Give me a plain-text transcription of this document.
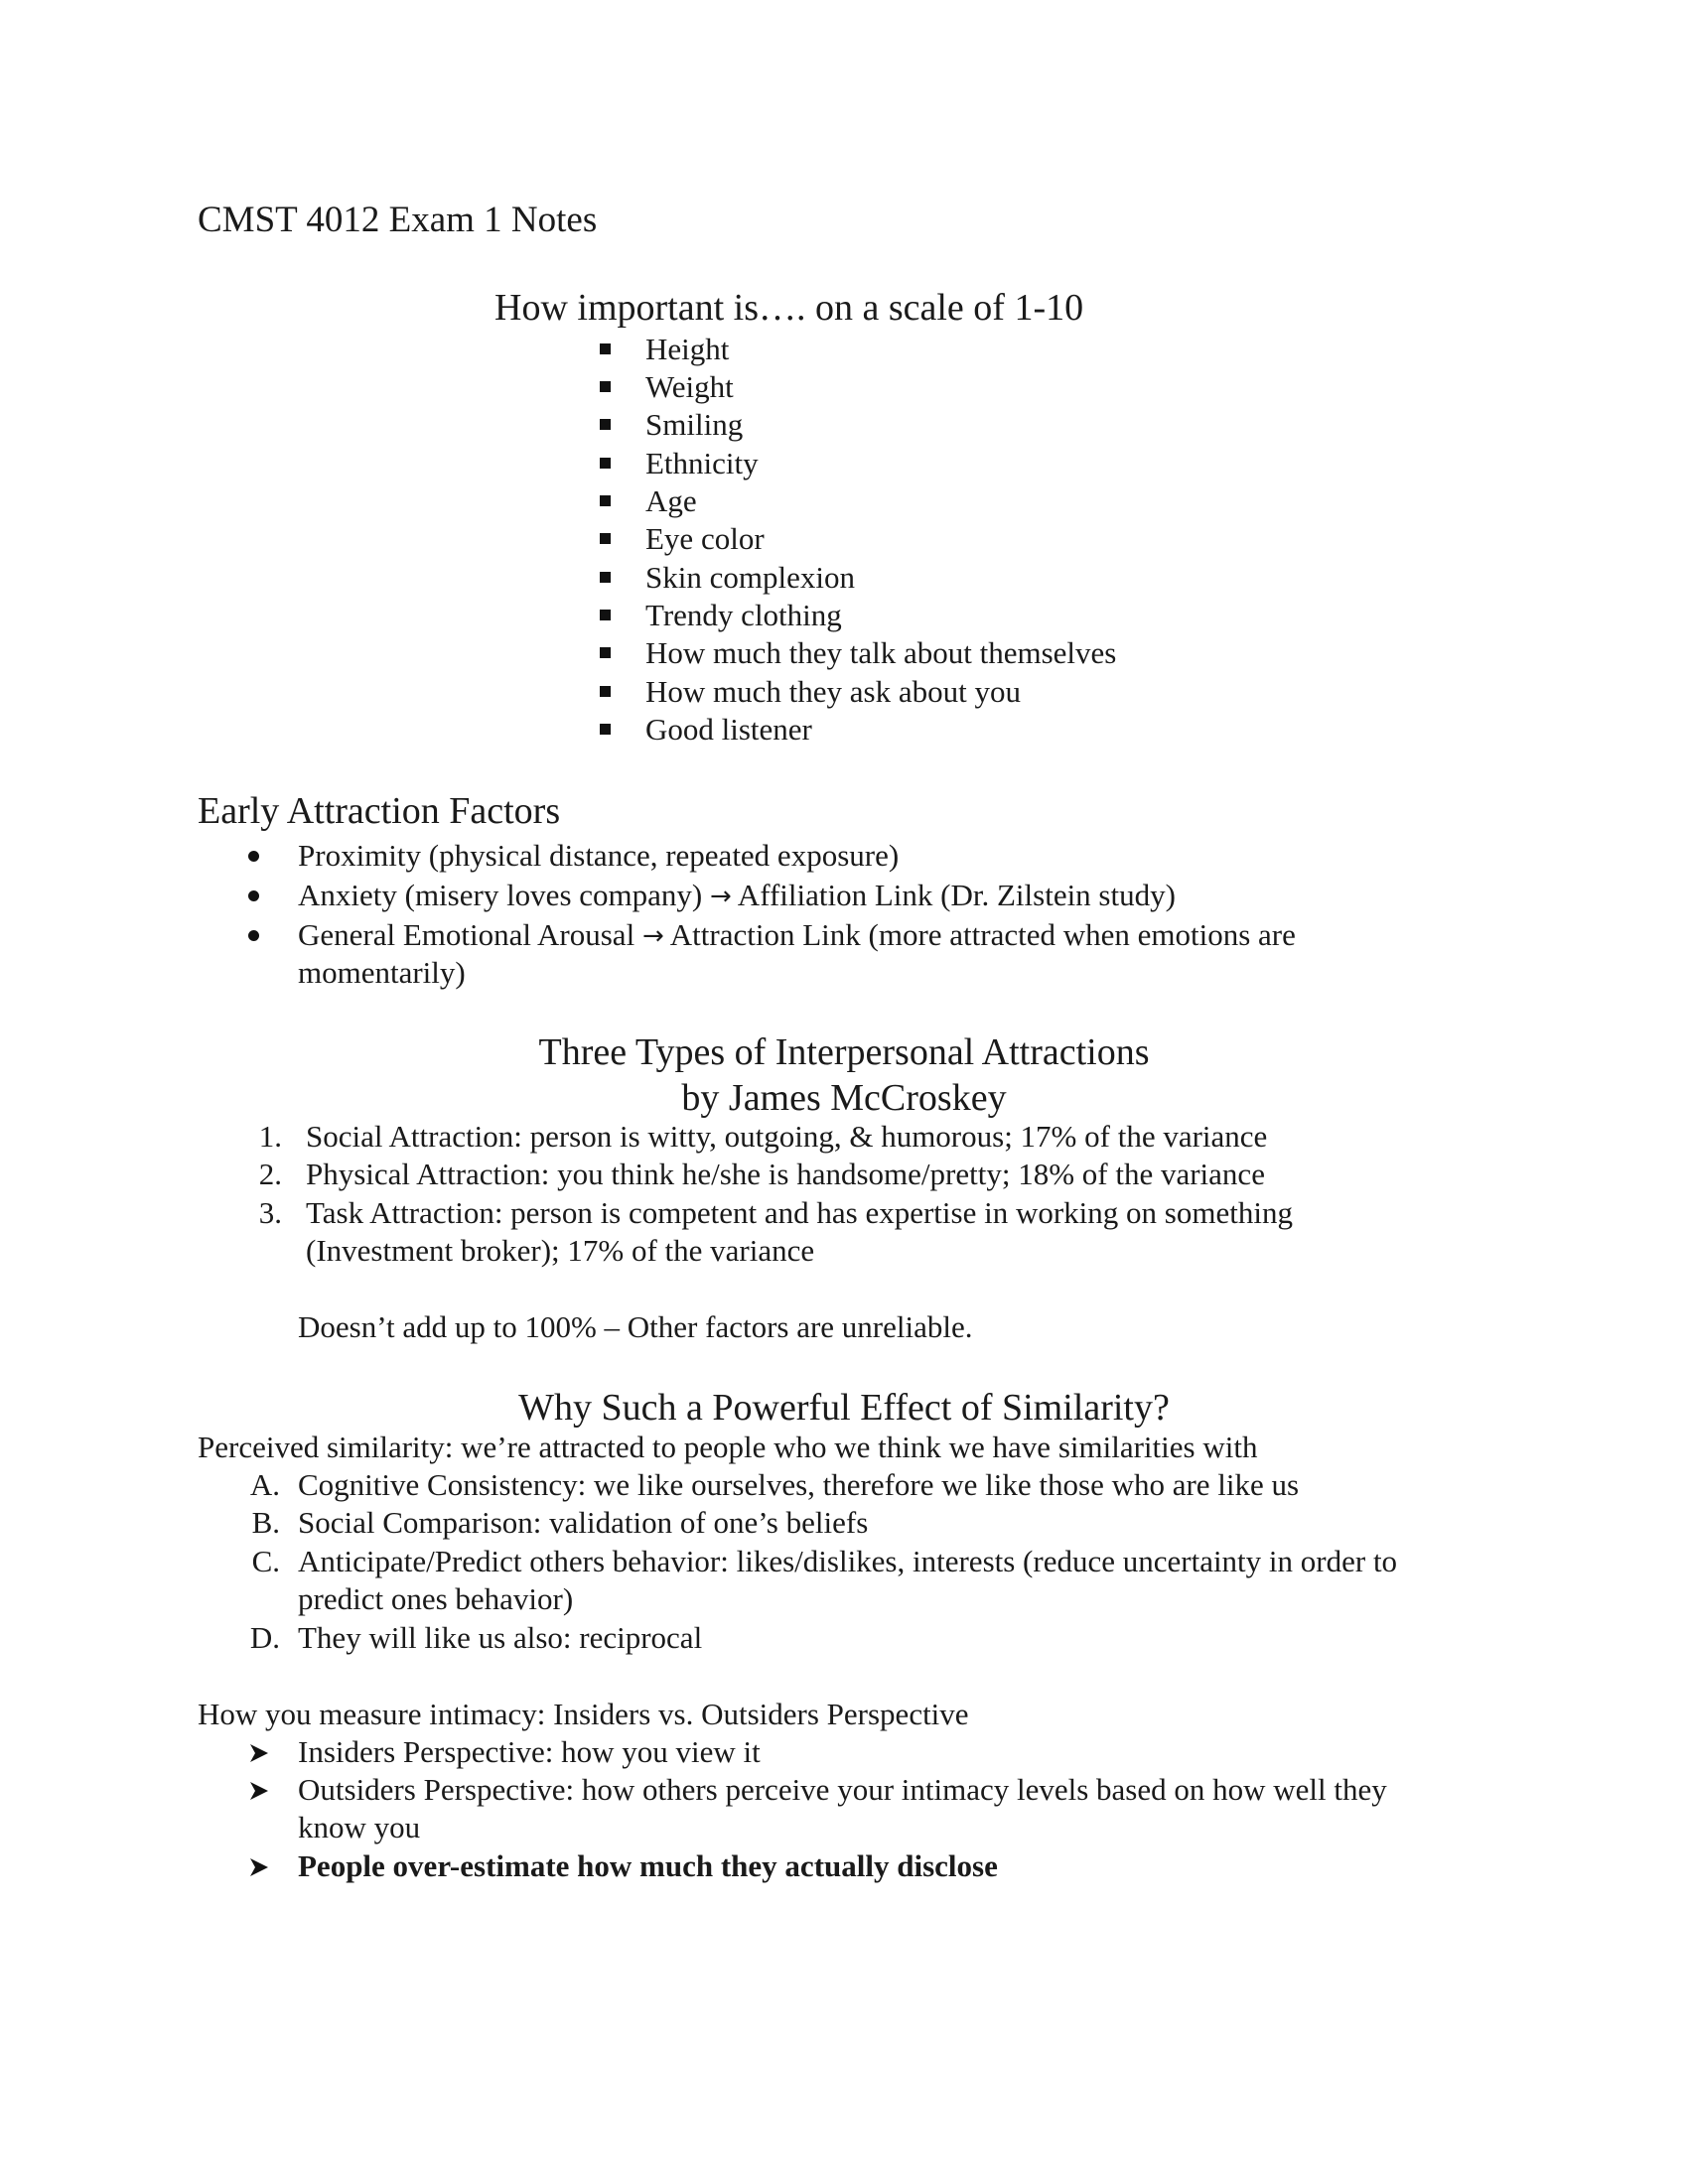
CMST 4012 Exam 1 Notes
How important is…. on a scale of 1-10

Height

Weight

Smiling

Ethnicity

Age

Eye color

Skin complexion

Trendy clothing

How much they talk about themselves

How much they ask about you

Good listener

Early Attraction Factors

Proximity (physical distance, repeated exposure)

Anxiety (misery loves company) → Affiliation Link (Dr. Zilstein study)

General Emotional Arousal → Attraction Link (more attracted when emotions are

momentarily)

Three Types of Interpersonal Attractions
by James McCroskey

1. Social Attraction: person is witty, outgoing, & humorous; 17% of the variance

2. Physical Attraction: you think he/she is handsome/pretty; 18% of the variance

3. Task Attraction: person is competent and has expertise in working on something

(Investment broker); 17% of the variance

Doesn’t add up to 100% – Other factors are unreliable.

Why Such a Powerful Effect of Similarity?

Perceived similarity: we’re attracted to people who we think we have similarities with

A. Cognitive Consistency: we like ourselves, therefore we like those who are like us

B. Social Comparison: validation of one’s beliefs

C. Anticipate/Predict others behavior: likes/dislikes, interests (reduce uncertainty in order to

predict ones behavior)

D. They will like us also: reciprocal

How you measure intimacy: Insiders vs. Outsiders Perspective

Insiders Perspective: how you view it

Outsiders Perspective: how others perceive your intimacy levels based on how well they

know you

People over-estimate how much they actually disclose
